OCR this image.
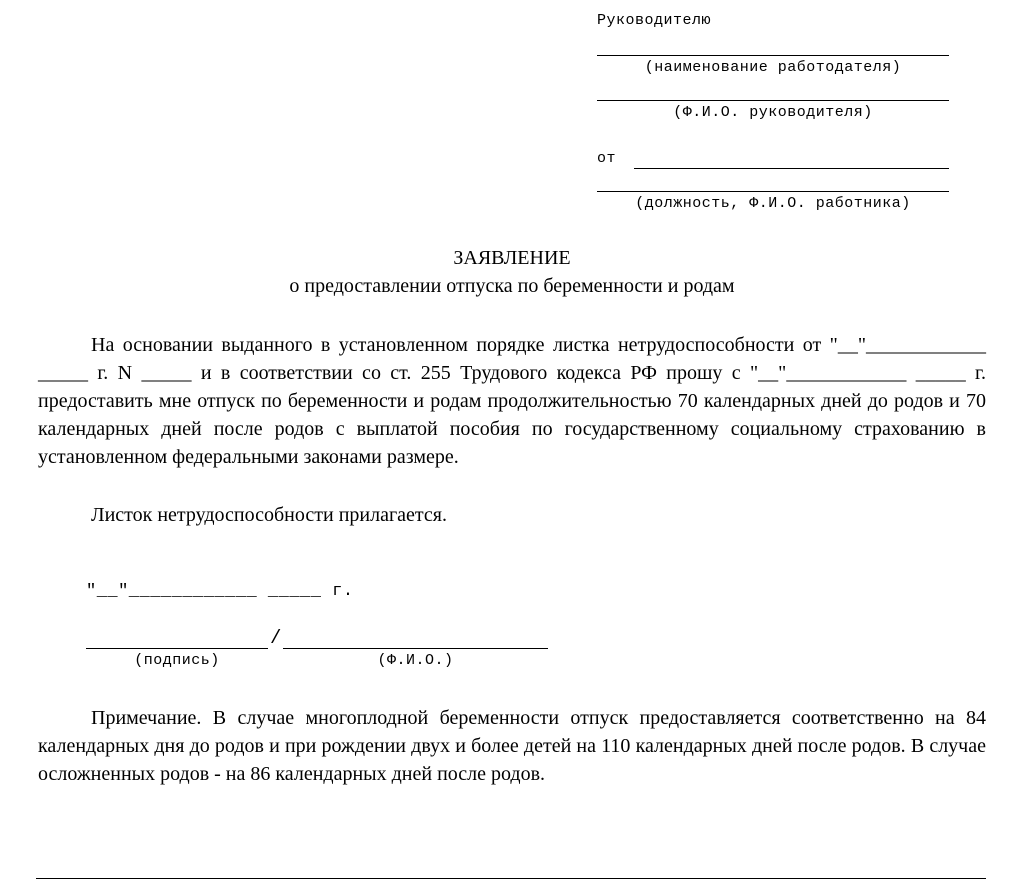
Руководителю
(наименование работодателя)
(Ф.И.О. руководителя)
от
(должность, Ф.И.О. работника)
ЗАЯВЛЕНИЕ
о предоставлении отпуска по беременности и родам
На основании выданного в установленном порядке листка нетрудоспособности от "__"____________ _____ г. N _____ и в соответствии со ст. 255 Трудового кодекса РФ прошу с "__"____________ _____ г. предоставить мне отпуск по беременности и родам продолжительностью 70 календарных дней до родов и 70 календарных дней после родов с выплатой пособия по государственному социальному страхованию в установленном федеральными законами размере.
Листок нетрудоспособности прилагается.
"__"____________ _____ г.
/
(подпись)	(Ф.И.О.)
Примечание. В случае многоплодной беременности отпуск предоставляется соответственно на 84 календарных дня до родов и при рождении двух и более детей на 110 календарных дней после родов. В случае осложненных родов - на 86 календарных дней после родов.
